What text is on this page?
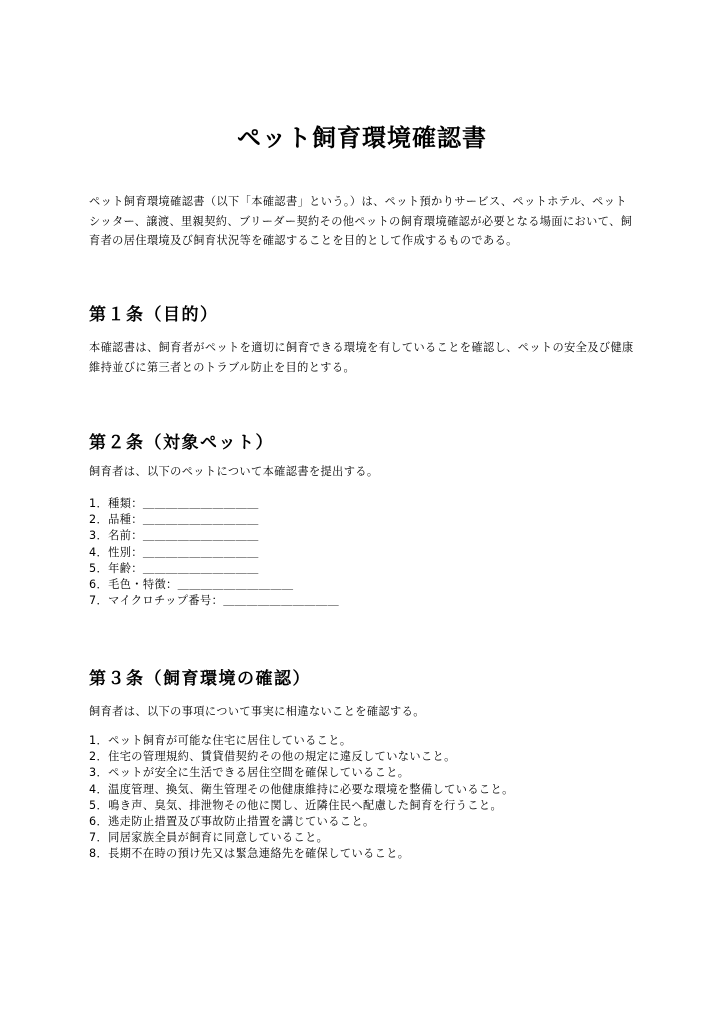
ペット飼育環境確認書

ペット飼育環境確認書（以下「本確認書」という。）は、ペット預かりサービス、ペットホテル、ペットシッター、譲渡、里親契約、ブリーダー契約その他ペットの飼育環境確認が必要となる場面において、飼育者の居住環境及び飼育状況等を確認することを目的として作成するものである。

第１条（目的）

本確認書は、飼育者がペットを適切に飼育できる環境を有していることを確認し、ペットの安全及び健康維持並びに第三者とのトラブル防止を目的とする。

第２条（対象ペット）

飼育者は、以下のペットについて本確認書を提出する。

1．種類：＿＿＿＿＿＿＿＿＿＿
2．品種：＿＿＿＿＿＿＿＿＿＿
3．名前：＿＿＿＿＿＿＿＿＿＿
4．性別：＿＿＿＿＿＿＿＿＿＿
5．年齢：＿＿＿＿＿＿＿＿＿＿
6．毛色・特徴：＿＿＿＿＿＿＿＿＿＿
7．マイクロチップ番号：＿＿＿＿＿＿＿＿＿＿
第３条（飼育環境の確認）

飼育者は、以下の事項について事実に相違ないことを確認する。

1．ペット飼育が可能な住宅に居住していること。
2．住宅の管理規約、賃貸借契約その他の規定に違反していないこと。
3．ペットが安全に生活できる居住空間を確保していること。
4．温度管理、換気、衛生管理その他健康維持に必要な環境を整備していること。
5．鳴き声、臭気、排泄物その他に関し、近隣住民へ配慮した飼育を行うこと。
6．逃走防止措置及び事故防止措置を講じていること。
7．同居家族全員が飼育に同意していること。
8．長期不在時の預け先又は緊急連絡先を確保していること。
